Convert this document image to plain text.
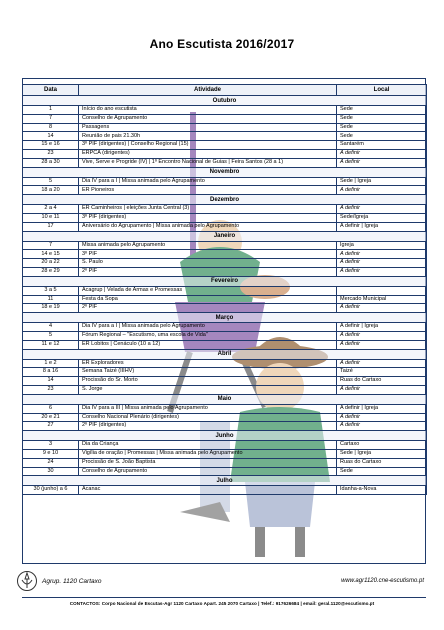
Ano Escutista 2016/2017
Data	Atividade	Local
Outubro		
1	Início do ano escutista	Sede
7	Conselho de Agrupamento	Sede
8	Passagens	Sede
14	Reunião de pais 21.30h	Sede
15 e 16	3º PIF (dirigentes) | Conselho Regional (15)	Santarém
23	ERPCA (dirigentes)	A definir
28 a 30	Vive, Serve e Progride (IV) | 1º Encontro Nacional de Guias | Feira Santos (28 a 1)	A definir
Novembro		
5	Dia IV para a I | Missa animada pelo Agrupamento	Sede | Igreja
18 a 20	ER Pioneiros	A definir
Dezembro		
2 a 4	ER Caminheiros | eleições Junta Central (3)	A definir
10 e 11	3º PIF (dirigentes)	Sede/Igreja
17	Aniversário do Agrupamento | Missa animada pelo Agrupamento	A definir | Igreja
Janeiro		
7	Missa animada pelo Agrupamento	Igreja
14 e 15	3º PIF	A definir
20 a 22	S. Paulo	A definir
28 e 29	2º PIF	A definir
Fevereiro		
3 a 5	Acagrup | Velada de Armas e Promessas	
11	Festa da Sopa	Mercado Municipal
18 e 19	2º PIF	A definir
Março		
4	Dia IV para a I | Missa animada pelo Agrupamento	A definir | Igreja
5	Fórum Regional – "Escutismo, uma escola de Vida"	A definir
11 e 12	ER Lobitos | Cenáculo (10 a 12)	A definir
Abril		
1 e 2	ER Exploradores	A definir
8 a 16	Semana Taizé (IIIHV)	Taizé
14	Procissão do Sr. Morto	Ruas do Cartaxo
23	S. Jorge	A definir
Maio		
6	Dia IV para a III | Missa animada pelo Agrupamento	A definir | Igreja
20 e 21	Conselho Nacional Plenário (dirigentes)	A definir
27	2º PIF (dirigentes)	A definir
Junho		
3	Dia da Criança	Cartaxo
9 e 10	Vigília de oração | Promessas | Missa animada pelo Agrupamento	Sede | Igreja
24	Procissão de S. João Baptista	Ruas do Cartaxo
30	Conselho de Agrupamento	Sede
Julho		
30 (junho) a 6	Acanac	Idanha-a-Nova
Agrup. 1120 Cartaxo	www.agr1120.cne-escutismo.pt
CONTACTOS: Corpo Nacional de Escutas-Agr 1120 Cartaxo Apart. 245 2070 Cartaxo | Telef.: 917626684 | email: geral.1120@escutismo.pt
